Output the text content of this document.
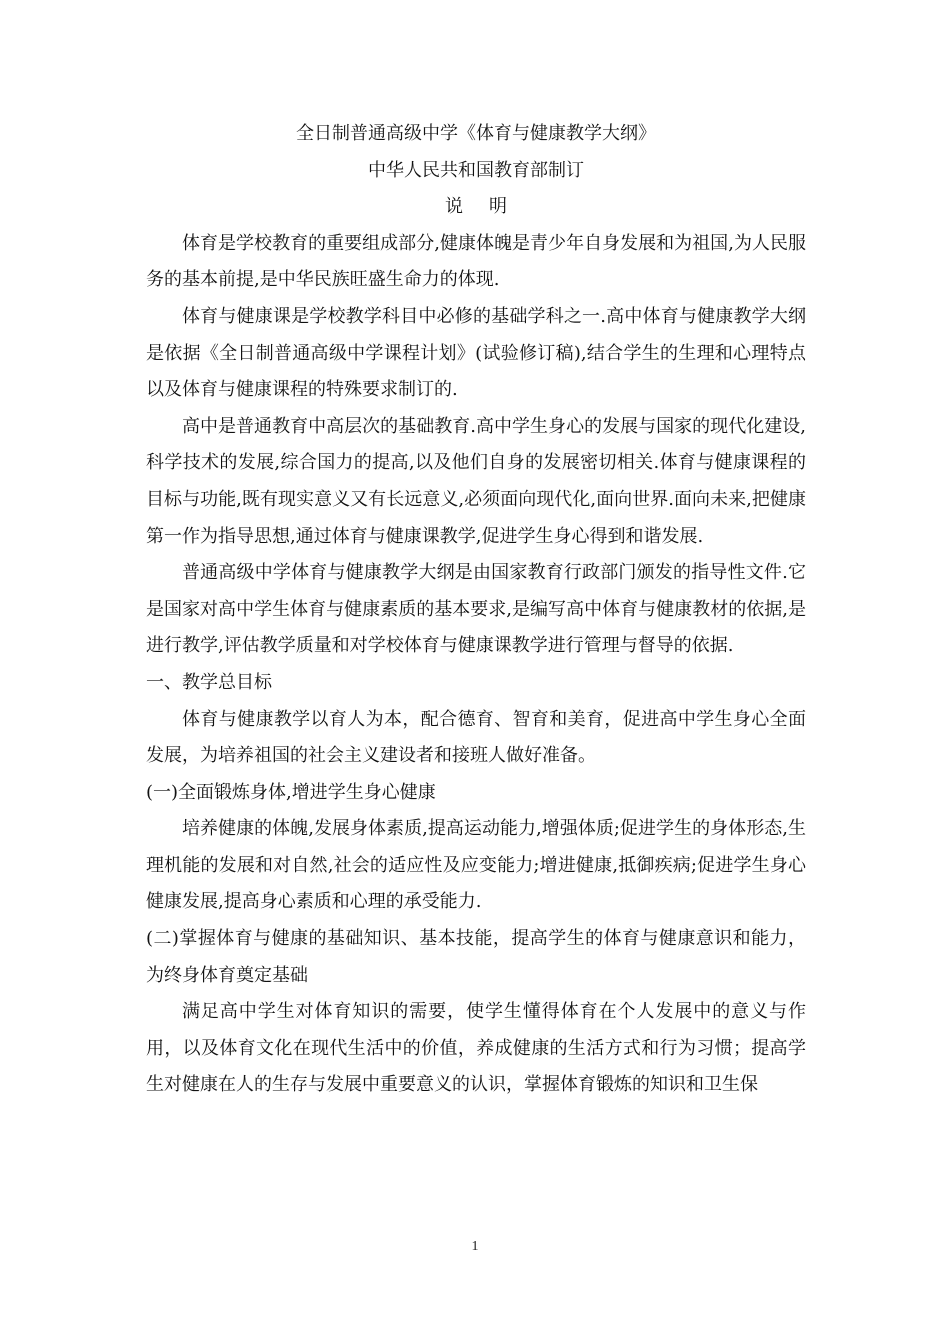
全日制普通高级中学《体育与健康教学大纲》

中华人民共和国教育部制订

说 明

体育是学校教育的重要组成部分,健康体魄是青少年自身发展和为祖国,为人民服务的基本前提,是中华民族旺盛生命力的体现.

体育与健康课是学校教学科目中必修的基础学科之一.高中体育与健康教学大纲是依据《全日制普通高级中学课程计划》(试验修订稿),结合学生的生理和心理特点以及体育与健康课程的特殊要求制订的.

高中是普通教育中高层次的基础教育.高中学生身心的发展与国家的现代化建设,科学技术的发展,综合国力的提高,以及他们自身的发展密切相关.体育与健康课程的目标与功能,既有现实意义又有长远意义,必须面向现代化,面向世界.面向未来,把健康第一作为指导思想,通过体育与健康课教学,促进学生身心得到和谐发展.

普通高级中学体育与健康教学大纲是由国家教育行政部门颁发的指导性文件.它是国家对高中学生体育与健康素质的基本要求,是编写高中体育与健康教材的依据,是进行教学,评估教学质量和对学校体育与健康课教学进行管理与督导的依据.

一、教学总目标

体育与健康教学以育人为本，配合德育、智育和美育，促进高中学生身心全面发展，为培养祖国的社会主义建设者和接班人做好准备。

(一)全面锻炼身体,增进学生身心健康

培养健康的体魄,发展身体素质,提高运动能力,增强体质;促进学生的身体形态,生理机能的发展和对自然,社会的适应性及应变能力;增进健康,抵御疾病;促进学生身心健康发展,提高身心素质和心理的承受能力.

(二)掌握体育与健康的基础知识、基本技能，提高学生的体育与健康意识和能力，为终身体育奠定基础

满足高中学生对体育知识的需要，使学生懂得体育在个人发展中的意义与作用，以及体育文化在现代生活中的价值，养成健康的生活方式和行为习惯；提高学生对健康在人的生存与发展中重要意义的认识，掌握体育锻炼的知识和卫生保

1
